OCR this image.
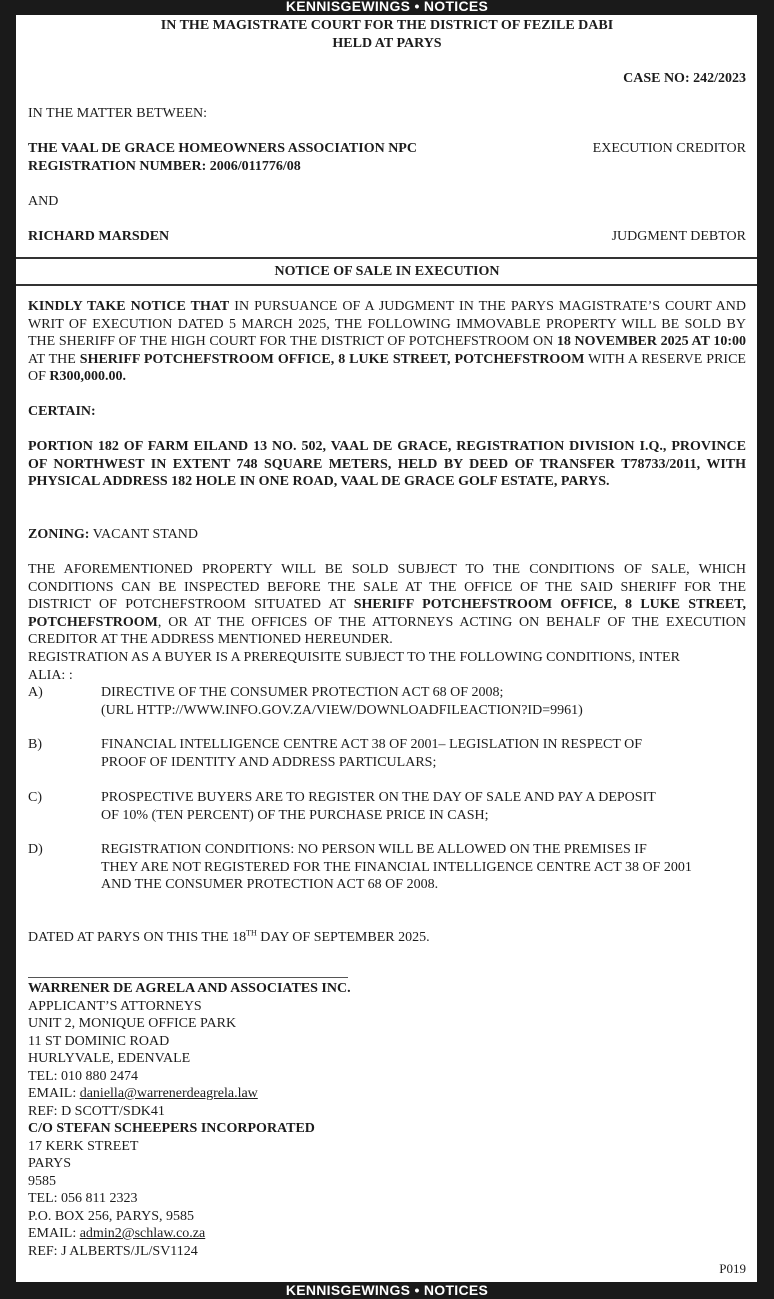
KENNISGEWINGS • NOTICES
IN THE MAGISTRATE COURT FOR THE DISTRICT OF FEZILE DABI
HELD AT PARYS
CASE NO: 242/2023
IN THE MATTER BETWEEN:
THE VAAL DE GRACE HOMEOWNERS ASSOCIATION NPC	EXECUTION CREDITOR
REGISTRATION NUMBER: 2006/011776/08
AND
RICHARD MARSDEN	JUDGMENT DEBTOR
NOTICE OF SALE IN EXECUTION
KINDLY TAKE NOTICE THAT IN PURSUANCE OF A JUDGMENT IN THE PARYS MAGISTRATE’S COURT AND WRIT OF EXECUTION DATED 5 MARCH 2025, THE FOLLOWING IMMOVABLE PROPERTY WILL BE SOLD BY THE SHERIFF OF THE HIGH COURT FOR THE DISTRICT OF POTCHEFSTROOM ON 18 NOVEMBER 2025 AT 10:00 AT THE SHERIFF POTCHEFSTROOM OFFICE, 8 LUKE STREET, POTCHEFSTROOM WITH A RESERVE PRICE OF R300,000.00.
CERTAIN:
PORTION 182 OF FARM EILAND 13 NO. 502, VAAL DE GRACE, REGISTRATION DIVISION I.Q., PROVINCE OF NORTHWEST IN EXTENT 748 SQUARE METERS, HELD BY DEED OF TRANSFER T78733/2011, WITH PHYSICAL ADDRESS 182 HOLE IN ONE ROAD, VAAL DE GRACE GOLF ESTATE, PARYS.
ZONING: VACANT STAND
THE AFOREMENTIONED PROPERTY WILL BE SOLD SUBJECT TO THE CONDITIONS OF SALE, WHICH CONDITIONS CAN BE INSPECTED BEFORE THE SALE AT THE OFFICE OF THE SAID SHERIFF FOR THE DISTRICT OF POTCHEFSTROOM SITUATED AT SHERIFF POTCHEFSTROOM OFFICE, 8 LUKE STREET, POTCHEFSTROOM, OR AT THE OFFICES OF THE ATTORNEYS ACTING ON BEHALF OF THE EXECUTION CREDITOR AT THE ADDRESS MENTIONED HEREUNDER.
REGISTRATION AS A BUYER IS A PREREQUISITE SUBJECT TO THE FOLLOWING CONDITIONS, INTER
ALIA: :
A)	DIRECTIVE OF THE CONSUMER PROTECTION ACT 68 OF 2008;
(URL HTTP://WWW.INFO.GOV.ZA/VIEW/DOWNLOADFILEACTION?ID=9961)
B)	FINANCIAL INTELLIGENCE CENTRE ACT 38 OF 2001– LEGISLATION IN RESPECT OF
PROOF OF IDENTITY AND ADDRESS PARTICULARS;
C)	PROSPECTIVE BUYERS ARE TO REGISTER ON THE DAY OF SALE AND PAY A DEPOSIT
OF 10% (TEN PERCENT) OF THE PURCHASE PRICE IN CASH;
D)	REGISTRATION CONDITIONS: NO PERSON WILL BE ALLOWED ON THE PREMISES IF
THEY ARE NOT REGISTERED FOR THE FINANCIAL INTELLIGENCE CENTRE ACT 38 OF 2001
AND THE CONSUMER PROTECTION ACT 68 OF 2008.
DATED AT PARYS ON THIS THE 18TH DAY OF SEPTEMBER 2025.
WARRENER DE AGRELA AND ASSOCIATES INC.
APPLICANT’S ATTORNEYS
UNIT 2, MONIQUE OFFICE PARK
11 ST DOMINIC ROAD
HURLYVALE, EDENVALE
TEL: 010 880 2474
EMAIL: daniella@warrenerdeagrela.law
REF: D SCOTT/SDK41
C/O STEFAN SCHEEPERS INCORPORATED
17 KERK STREET
PARYS
9585
TEL: 056 811 2323
P.O. BOX 256, PARYS, 9585
EMAIL: admin2@schlaw.co.za
REF: J ALBERTS/JL/SV1124
P019
KENNISGEWINGS • NOTICES
